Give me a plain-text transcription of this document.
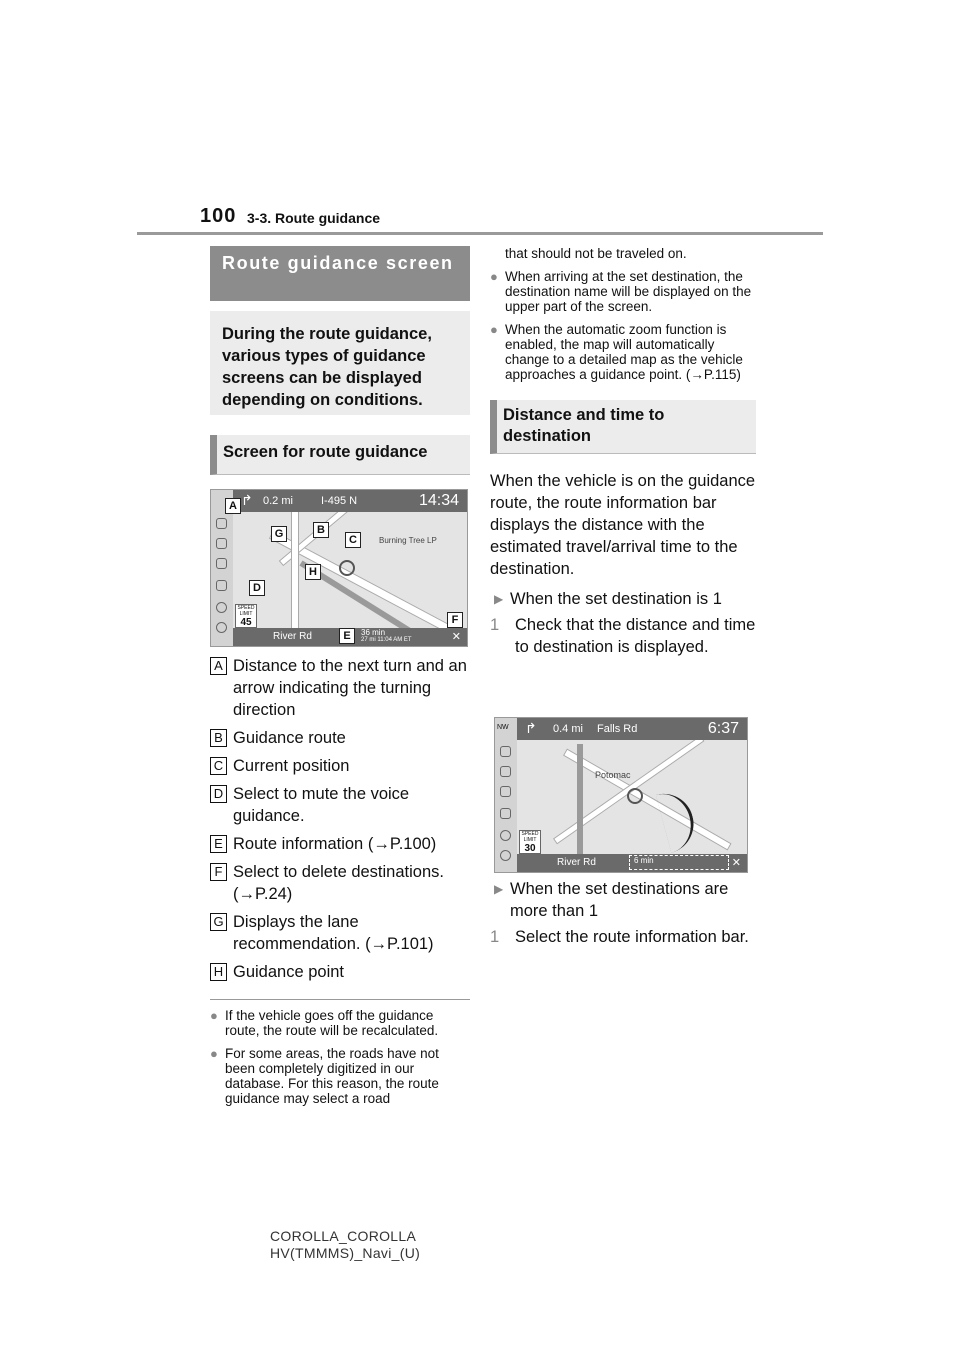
100 3-3. Route guidance
Route guidance screen
During the route guidance, various types of guidance screens can be displayed depending on conditions.
Screen for route guidance
Burning Tree LP
↱ 0.2 mi	I-495 N	14:34
SPEED LIMIT
45
River Rd	36 min
27 mi 11:04 AM ET	✕
A
B
C
D
E
F
G
H
A Distance to the next turn and an arrow indicating the turning direction
B Guidance route
C Current position
D Select to mute the voice guidance.
E Route information (→P.100)
F Select to delete destinations. (→P.24)
G Displays the lane recommendation. (→P.101)
H Guidance point
● If the vehicle goes off the guidance route, the route will be recalculated.
● For some areas, the roads have not been completely digitized in our database. For this reason, the route guidance may select a road
that should not be traveled on.
● When arriving at the set destination, the destination name will be displayed on the upper part of the screen.
● When the automatic zoom function is enabled, the map will automatically change to a detailed map as the vehicle approaches a guidance point. (→P.115)
Distance and time to destination
When the vehicle is on the guidance route, the route information bar displays the distance with the estimated travel/arrival time to the destination.
▶ When the set destination is 1
1 Check that the distance and time to destination is displayed.
Potomac
NW ↱ 0.4 mi Falls Rd	6:37
SPEED LIMIT
30
River Rd	6 min	✕
▶ When the set destinations are more than 1
1 Select the route information bar.
COROLLA_COROLLA
HV(TMMMS)_Navi_(U)
